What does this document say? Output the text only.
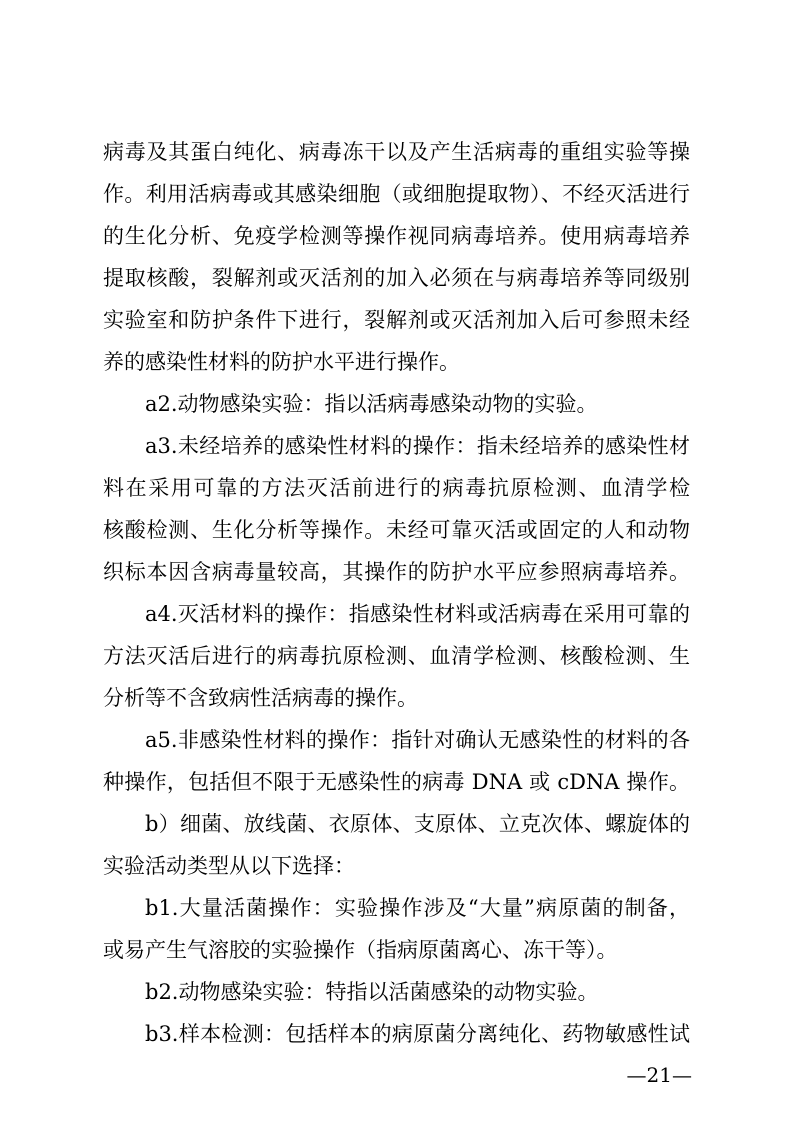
病毒及其蛋白纯化、病毒冻干以及产生活病毒的重组实验等操
作。利用活病毒或其感染细胞（或细胞提取物）、不经灭活进行
的生化分析、免疫学检测等操作视同病毒培养。使用病毒培养
提取核酸，裂解剂或灭活剂的加入必须在与病毒培养等同级别
实验室和防护条件下进行，裂解剂或灭活剂加入后可参照未经
养的感染性材料的防护水平进行操作。
a2.动物感染实验：指以活病毒感染动物的实验。
a3.未经培养的感染性材料的操作：指未经培养的感染性材
料在采用可靠的方法灭活前进行的病毒抗原检测、血清学检
核酸检测、生化分析等操作。未经可靠灭活或固定的人和动物
织标本因含病毒量较高，其操作的防护水平应参照病毒培养。
a4.灭活材料的操作：指感染性材料或活病毒在采用可靠的
方法灭活后进行的病毒抗原检测、血清学检测、核酸检测、生
分析等不含致病性活病毒的操作。
a5.非感染性材料的操作：指针对确认无感染性的材料的各
种操作，包括但不限于无感染性的病毒 DNA 或 cDNA 操作。
b）细菌、放线菌、衣原体、支原体、立克次体、螺旋体的
实验活动类型从以下选择：
b1.大量活菌操作：实验操作涉及“大量”病原菌的制备，
或易产生气溶胶的实验操作（指病原菌离心、冻干等）。
b2.动物感染实验：特指以活菌感染的动物实验。
b3.样本检测：包括样本的病原菌分离纯化、药物敏感性试
—21—
